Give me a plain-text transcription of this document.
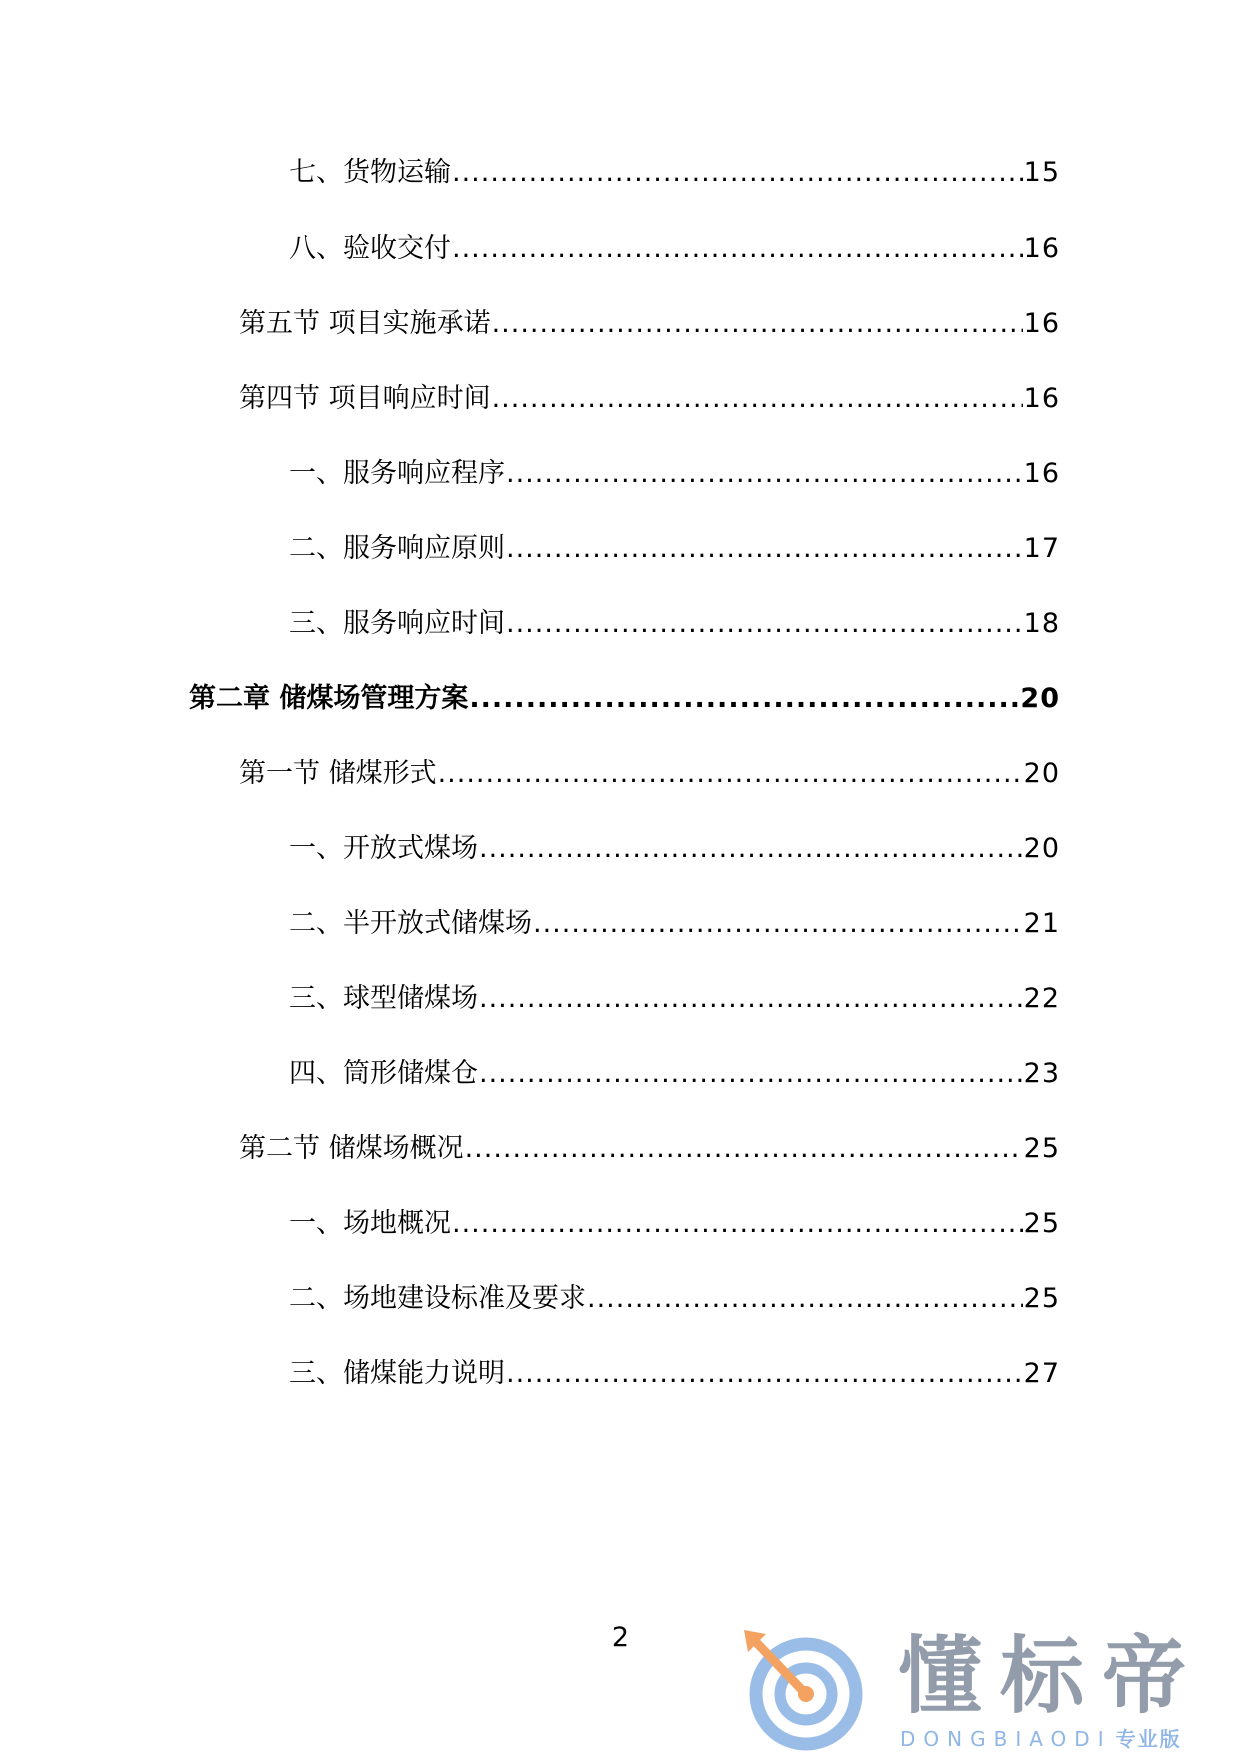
七、货物运输 .....	15
八、验收交付 .....	16
第五节 项目实施承诺 .....	16
第四节 项目响应时间 .....	16
一、服务响应程序 .....	16
二、服务响应原则 .....	17
三、服务响应时间 .....	18
第二章 储煤场管理方案 .....	20
第一节 储煤形式 .....	20
一、开放式煤场 .....	20
二、半开放式储煤场 .....	21
三、球型储煤场 .....	22
四、筒形储煤仓 .....	23
第二节 储煤场概况 .....	25
一、场地概况 .....	25
二、场地建设标准及要求 .....	25
三、储煤能力说明 .....	27
2	懂标帝
DONGBIAODI 专业版
